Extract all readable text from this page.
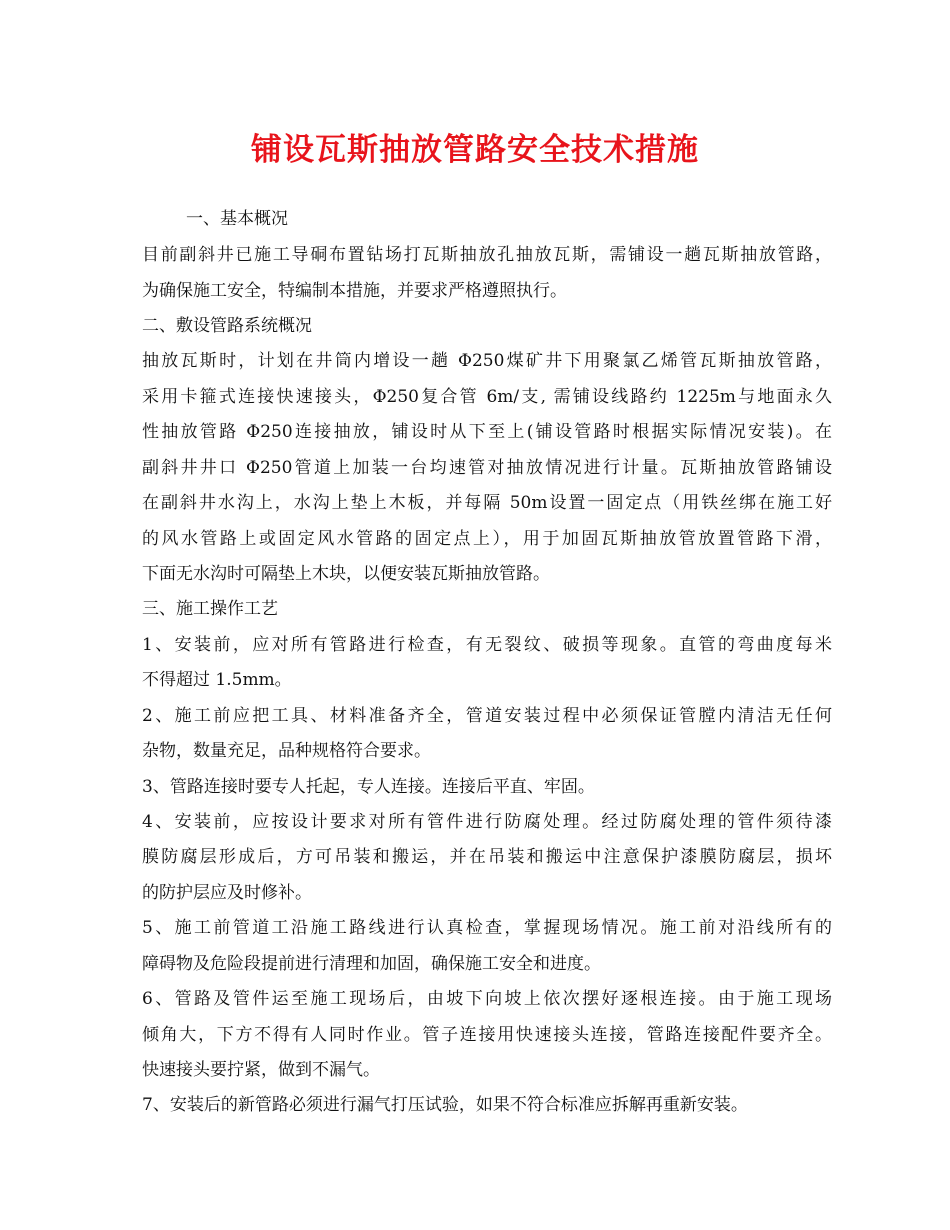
铺设瓦斯抽放管路安全技术措施
一、基本概况
目前副斜井已施工导硐布置钻场打瓦斯抽放孔抽放瓦斯，需铺设一趟瓦斯抽放管路，
为确保施工安全，特编制本措施，并要求严格遵照执行。
二、敷设管路系统概况
抽放瓦斯时，计划在井筒内增设一趟 Φ250煤矿井下用聚氯乙烯管瓦斯抽放管路，
采用卡箍式连接快速接头，Φ250复合管 6m/支, 需铺设线路约 1225m与地面永久
性抽放管路 Φ250连接抽放，铺设时从下至上(铺设管路时根据实际情况安装)。在
副斜井井口 Φ250管道上加装一台均速管对抽放情况进行计量。瓦斯抽放管路铺设
在副斜井水沟上，水沟上垫上木板，并每隔 50m设置一固定点（用铁丝绑在施工好
的风水管路上或固定风水管路的固定点上），用于加固瓦斯抽放管放置管路下滑，
下面无水沟时可隔垫上木块，以便安装瓦斯抽放管路。
三、施工操作工艺
1、安装前，应对所有管路进行检查，有无裂纹、破损等现象。直管的弯曲度每米
不得超过 1.5mm。
2、施工前应把工具、材料准备齐全，管道安装过程中必须保证管膛内清洁无任何
杂物，数量充足，品种规格符合要求。
3、管路连接时要专人托起，专人连接。连接后平直、牢固。
4、安装前，应按设计要求对所有管件进行防腐处理。经过防腐处理的管件须待漆
膜防腐层形成后，方可吊装和搬运，并在吊装和搬运中注意保护漆膜防腐层，损坏
的防护层应及时修补。
5、施工前管道工沿施工路线进行认真检查，掌握现场情况。施工前对沿线所有的
障碍物及危险段提前进行清理和加固，确保施工安全和进度。
6、管路及管件运至施工现场后，由坡下向坡上依次摆好逐根连接。由于施工现场
倾角大，下方不得有人同时作业。管子连接用快速接头连接，管路连接配件要齐全。
快速接头要拧紧，做到不漏气。
7、安装后的新管路必须进行漏气打压试验，如果不符合标准应拆解再重新安装。
